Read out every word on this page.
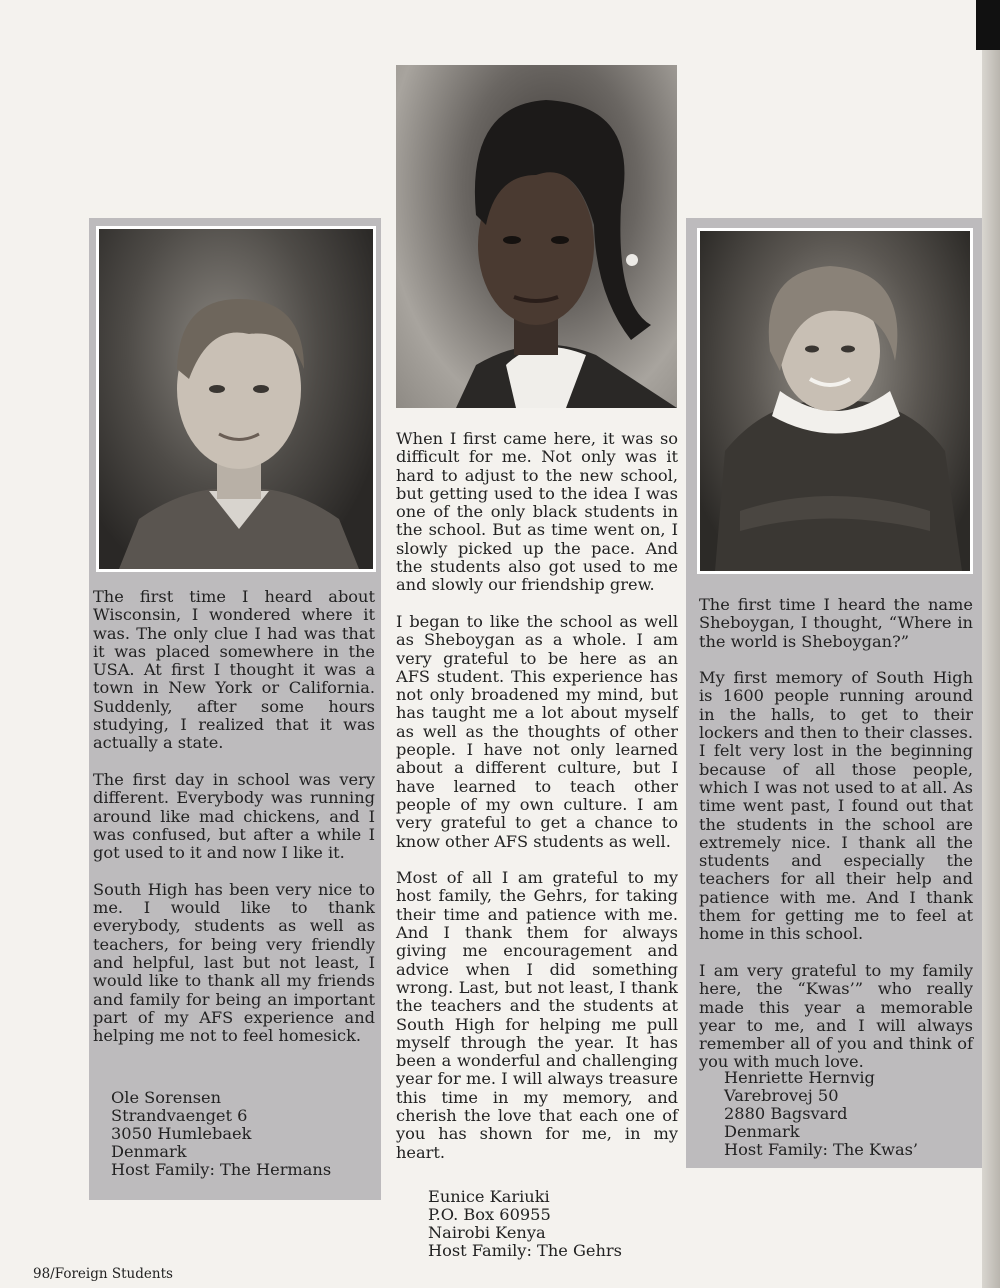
The first time I heard about Wisconsin, I wondered where it was. The only clue I had was that it was placed somewhere in the USA. At first I thought it was a town in New York or California. Suddenly, after some hours studying, I realized that it was actually a state.

The first day in school was very different. Everybody was running around like mad chickens, and I was confused, but after a while I got used to it and now I like it.

South High has been very nice to me. I would like to thank everybody, students as well as teachers, for being very friendly and helpful, last but not least, I would like to thank all my friends and family for being an important part of my AFS experience and helping me not to feel homesick.

Ole Sorensen
Strandvaenget 6
3050 Humlebaek
Denmark
Host Family: The Hermans

When I first came here, it was so difficult for me. Not only was it hard to adjust to the new school, but getting used to the idea I was one of the only black students in the school. But as time went on, I slowly picked up the pace. And the students also got used to me and slowly our friendship grew.

I began to like the school as well as Sheboygan as a whole. I am very grateful to be here as an AFS student. This experience has not only broadened my mind, but has taught me a lot about myself as well as the thoughts of other people. I have not only learned about a different culture, but I have learned to teach other people of my own culture. I am very grateful to get a chance to know other AFS students as well.

Most of all I am grateful to my host family, the Gehrs, for taking their time and patience with me. And I thank them for always giving me encouragement and advice when I did something wrong. Last, but not least, I thank the teachers and the students at South High for helping me pull myself through the year. It has been a wonderful and challenging year for me. I will always treasure this time in my memory, and cherish the love that each one of you has shown for me, in my heart.

Eunice Kariuki
P.O. Box 60955
Nairobi Kenya
Host Family: The Gehrs

The first time I heard the name Sheboygan, I thought, “Where in the world is Sheboygan?”

My first memory of South High is 1600 people running around in the halls, to get to their lockers and then to their classes. I felt very lost in the beginning because of all those people, which I was not used to at all. As time went past, I found out that the students in the school are extremely nice. I thank all the students and especially the teachers for all their help and patience with me. And I thank them for getting me to feel at home in this school.

I am very grateful to my family here, the “Kwas’” who really made this year a memorable year to me, and I will always remember all of you and think of you with much love.

Henriette Hernvig
Varebrovej 50
2880 Bagsvard
Denmark
Host Family: The Kwas’
98/Foreign Students
